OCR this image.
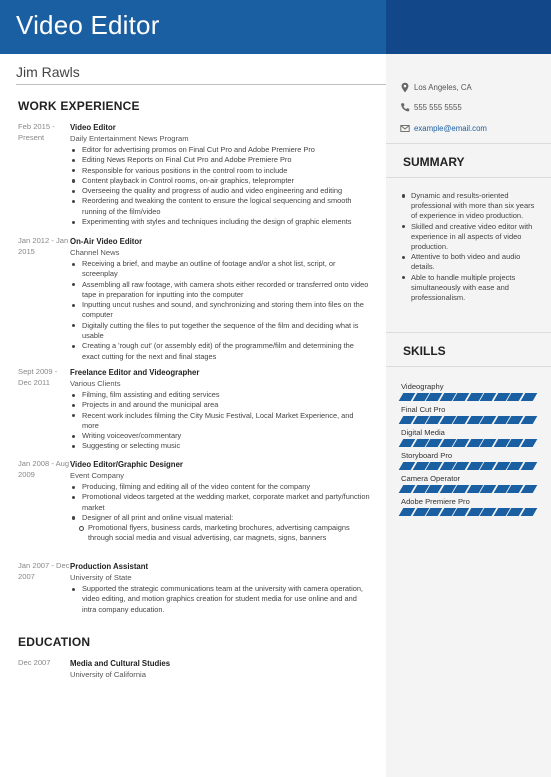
Video Editor
Jim Rawls
WORK EXPERIENCE
Feb 2015 - Present
Video Editor
Daily Entertainment News Program
Editor for advertising promos on Final Cut Pro and Adobe Premiere Pro
Editing News Reports on Final Cut Pro and Adobe Premiere Pro
Responsible for various positions in the control room to include
Content playback in Control rooms, on-air graphics, teleprompter
Overseeing the quality and progress of audio and video engineering and editing
Reordering and tweaking the content to ensure the logical sequencing and smooth running of the film/video
Experimenting with styles and techniques including the design of graphic elements
Jan 2012 - Jan 2015
On-Air Video Editor
Channel News
Receiving a brief, and maybe an outline of footage and/or a shot list, script, or screenplay
Assembling all raw footage, with camera shots either recorded or transferred onto video tape in preparation for inputting into the computer
Inputting uncut rushes and sound, and synchronizing and storing them into files on the computer
Digitally cutting the files to put together the sequence of the film and deciding what is usable
Creating a 'rough cut' (or assembly edit) of the programme/film and determining the exact cutting for the next and final stages
Sept 2009 - Dec 2011
Freelance Editor and Videographer
Various Clients
Filming, film assisting and editing services
Projects in and around the municipal area
Recent work includes filming the City Music Festival, Local Market Experience, and more
Writing voiceover/commentary
Suggesting or selecting music
Jan 2008 - Aug 2009
Video Editor/Graphic Designer
Event Company
Producing, filming and editing all of the video content for the company
Promotional videos targeted at the wedding market, corporate market and party/function market
Designer of all print and online visual material:
Promotional flyers, business cards, marketing brochures, advertising campaigns through social media and visual advertising, car magnets, signs, banners
Jan 2007 - Dec 2007
Production Assistant
University of State
Supported the strategic communications team at the university with camera operation, video editing, and motion graphics creation for student media for use online and and intra company education.
EDUCATION
Dec 2007	Media and Cultural Studies
University of California
Los Angeles, CA
555 555 5555
example@email.com
SUMMARY
Dynamic and results-oriented professional with more than six years of experience in video production.
Skilled and creative video editor with experience in all aspects of video production.
Attentive to both video and audio details.
Able to handle multiple projects simultaneously with ease and professionalism.
SKILLS
Videography
Final Cut Pro
Digital Media
Storyboard Pro
Camera Operator
Adobe Premiere Pro
